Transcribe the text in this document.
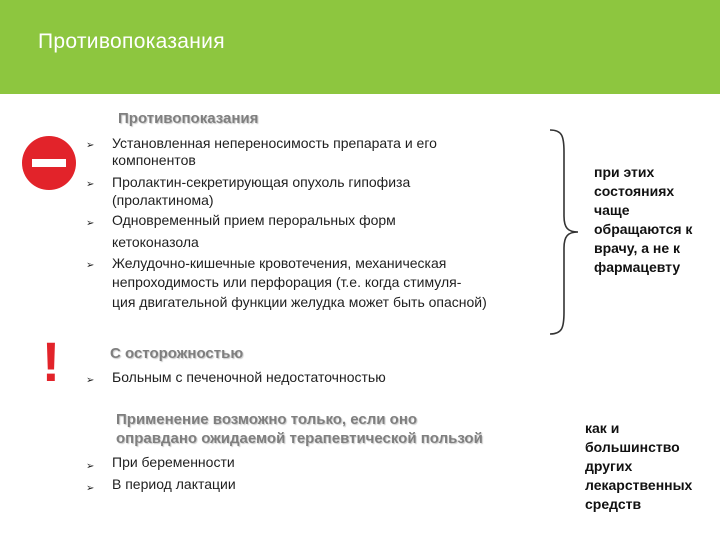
Противопоказания
Противопоказания
➢ Установленная непереносимость препарата и его
компонентов
➢ Пролактин-секретирующая опухоль гипофиза
(пролактинома)
➢ Одновременный прием пероральных форм
кетоконазола
➢ Желудочно-кишечные кровотечения, механическая
непроходимость или перфорация (т.е. когда стимуля-
ция двигательной функции желудка может быть опасной)
при этих
состояниях
чаще
обращаются к
врачу, а не к
фармацевту
!	С осторожностью
➢ Больным с печеночной недостаточностью
Применение возможно только, если оно
оправдано ожидаемой терапевтической пользой
➢ При беременности
➢ В период лактации
как и
большинство
других
лекарственных
средств
